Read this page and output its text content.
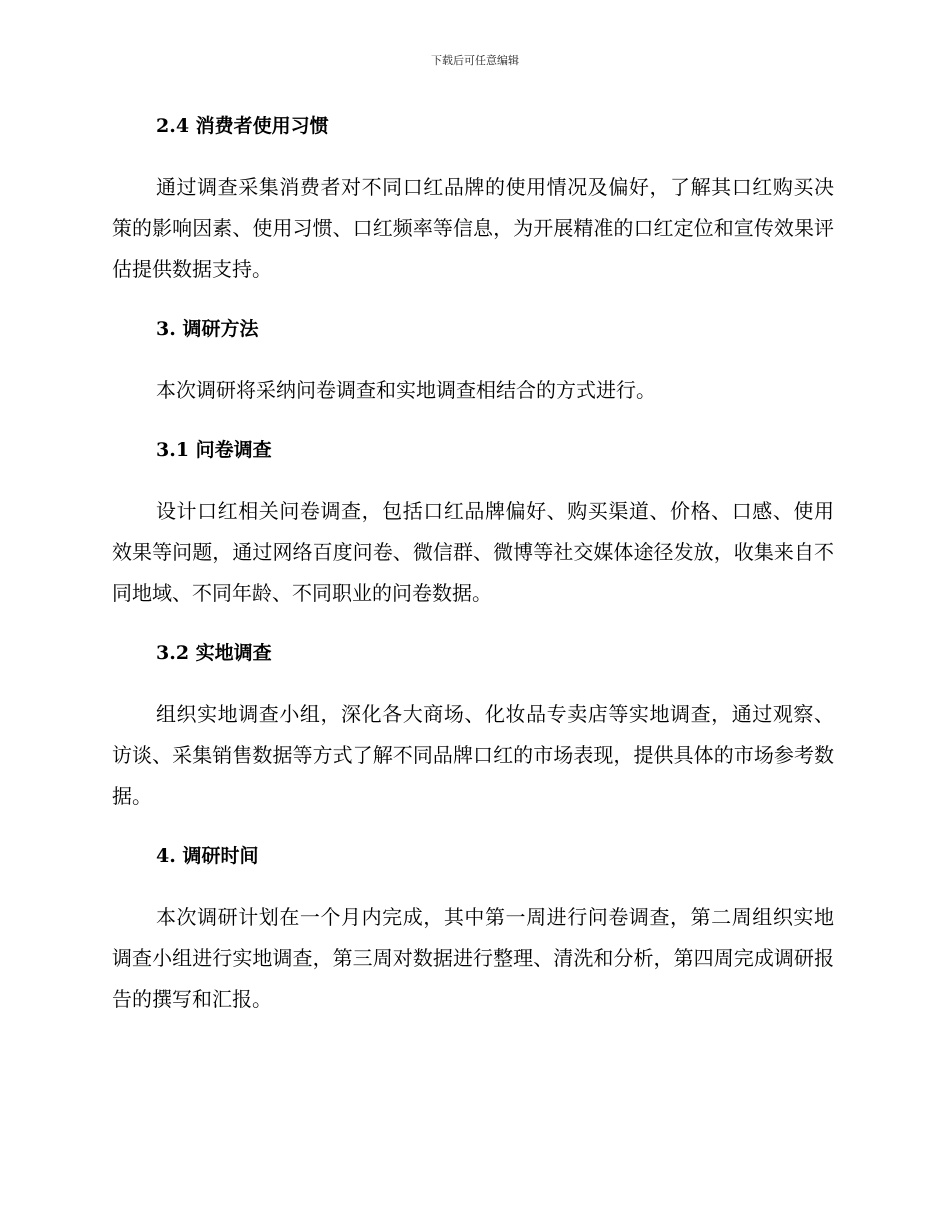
下载后可任意编辑
2.4 消费者使用习惯

通过调查采集消费者对不同口红品牌的使用情况及偏好，了解其口红购买决策的影响因素、使用习惯、口红频率等信息，为开展精准的口红定位和宣传效果评估提供数据支持。

3. 调研方法

本次调研将采纳问卷调查和实地调查相结合的方式进行。

3.1 问卷调查

设计口红相关问卷调查，包括口红品牌偏好、购买渠道、价格、口感、使用效果等问题，通过网络百度问卷、微信群、微博等社交媒体途径发放，收集来自不同地域、不同年龄、不同职业的问卷数据。

3.2 实地调查

组织实地调查小组，深化各大商场、化妆品专卖店等实地调查，通过观察、访谈、采集销售数据等方式了解不同品牌口红的市场表现，提供具体的市场参考数据。

4. 调研时间

本次调研计划在一个月内完成，其中第一周进行问卷调查，第二周组织实地调查小组进行实地调查，第三周对数据进行整理、清洗和分析，第四周完成调研报告的撰写和汇报。
